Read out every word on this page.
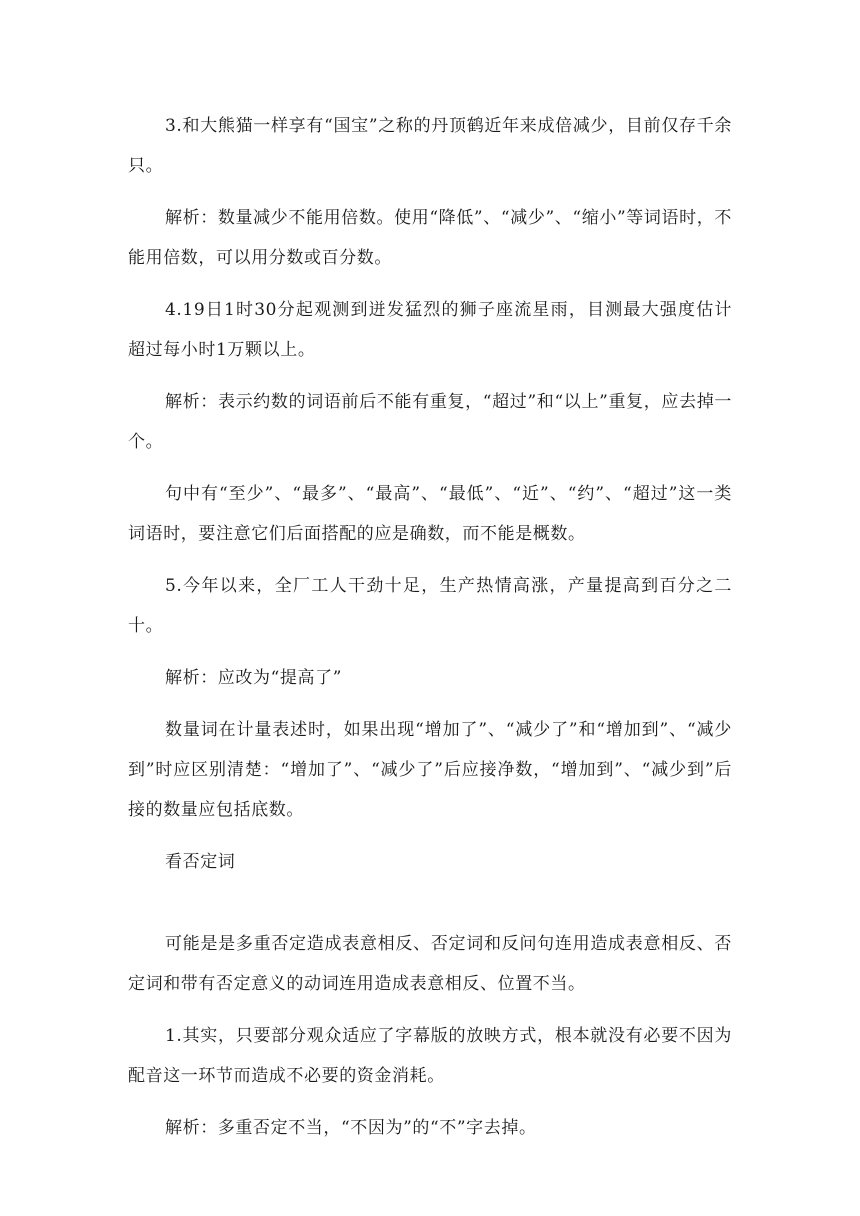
3.和大熊猫一样享有“国宝”之称的丹顶鹤近年来成倍减少，目前仅存千余只。

解析：数量减少不能用倍数。使用“降低”、“减少”、“缩小”等词语时，不能用倍数，可以用分数或百分数。

4.19日1时30分起观测到迸发猛烈的狮子座流星雨，目测最大强度估计超过每小时1万颗以上。

解析：表示约数的词语前后不能有重复，“超过”和“以上”重复，应去掉一个。

句中有“至少”、“最多”、“最高”、“最低”、“近”、“约”、“超过”这一类词语时，要注意它们后面搭配的应是确数，而不能是概数。

5.今年以来，全厂工人干劲十足，生产热情高涨，产量提高到百分之二十。

解析：应改为“提高了”

数量词在计量表述时，如果出现“增加了”、“减少了”和“增加到”、“减少到”时应区别清楚：“增加了”、“减少了”后应接净数，“增加到”、“减少到”后接的数量应包括底数。

看否定词

可能是是多重否定造成表意相反、否定词和反问句连用造成表意相反、否定词和带有否定意义的动词连用造成表意相反、位置不当。

1.其实，只要部分观众适应了字幕版的放映方式，根本就没有必要不因为配音这一环节而造成不必要的资金消耗。

解析：多重否定不当，“不因为”的“不”字去掉。
